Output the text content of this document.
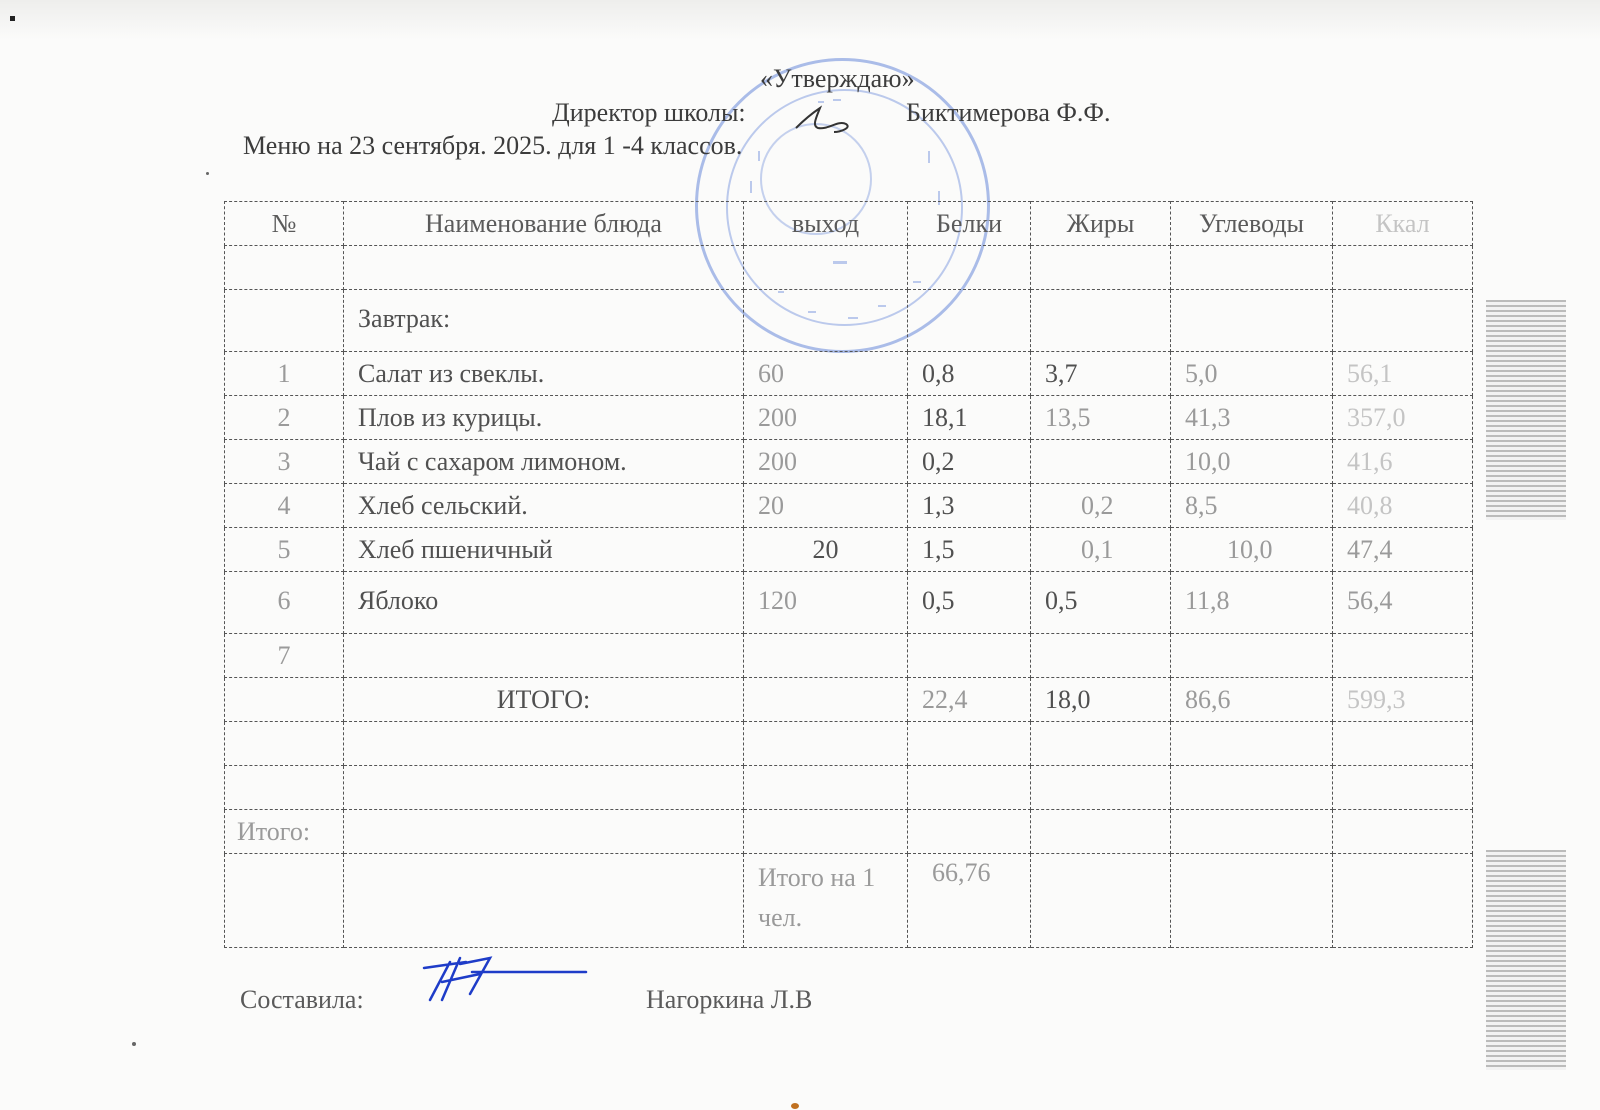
«Утверждаю»
Директор школы:	Биктимерова Ф.Ф.
Меню на 23 сентября. 2025. для 1 -4 классов.
№	Наименование блюда	выход	Белки	Жиры	Углеводы	Ккал

	Завтрак:					
1	Салат из свеклы.	60	0,8	3,7	5,0	56,1
2	Плов из курицы.	200	18,1	13,5	41,3	357,0
3	Чай с сахаром лимоном.	200	0,2		10,0	41,6
4	Хлеб сельский.	20	1,3	0,2	8,5	40,8
5	Хлеб пшеничный	20	1,5	0,1	10,0	47,4
6	Яблоко	120	0,5	0,5	11,8	56,4
7						
	ИТОГО:		22,4	18,0	86,6	599,3

Итого:						
		Итого на 1 чел.	66,76			
Составила:	Нагоркина Л.В
